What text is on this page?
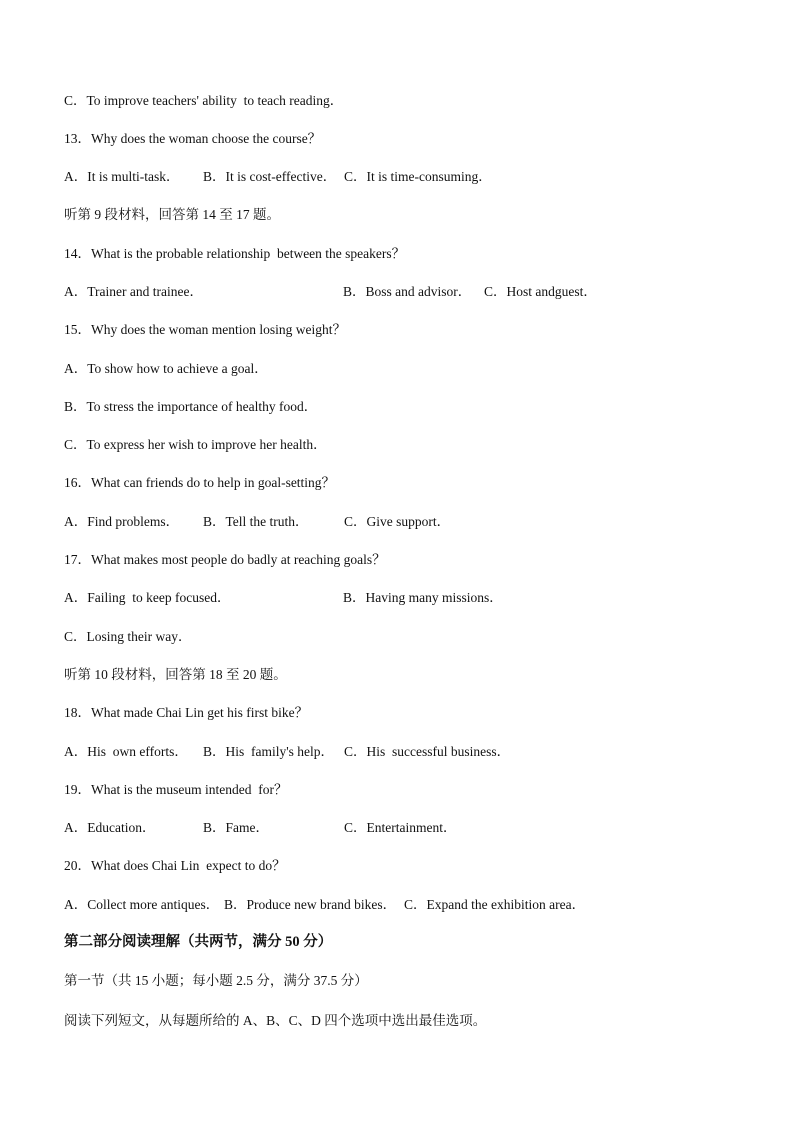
C．To improve teachers' ability  to teach reading．
13．Why does the woman choose the course？

A．It is multi-task．

B．It is cost-effective．

C．It is time-consuming．

听第 9 段材料，回答第 14 至 17 题。
14．What is the probable relationship  between the speakers？

A．Trainer and trainee．

	B．Boss and advisor．

C．Host andguest．

15．Why does the woman mention losing weight？
A．To show how to achieve a goal．
B．To stress the importance of healthy food．
C．To express her wish to improve her health．
16．What can friends do to help in goal-setting？

A．Find problems．

B．Tell the truth．

	C．Give support．

17．What makes most people do badly at reaching goals？

A．Failing  to keep focused．

	B．Having many missions．

C．Losing their way．
听第 10 段材料，回答第 18 至 20 题。
18．What made Chai Lin get his first bike？

A．His  own efforts．

B．His  family's help．

C．His  successful business．

19．What is the museum intended  for？

A．Education．

	B．Fame．

	C．Entertainment．

20．What does Chai Lin  expect to do？

A．Collect more antiques．

B．Produce new brand bikes．

C．Expand the exhibition area．

第二部分阅读理解（共两节，满分 50 分）
第一节（共 15 小题；每小题 2.5 分，满分 37.5 分）
阅读下列短文，从每题所给的 A、B、C、D 四个选项中选出最佳选项。
